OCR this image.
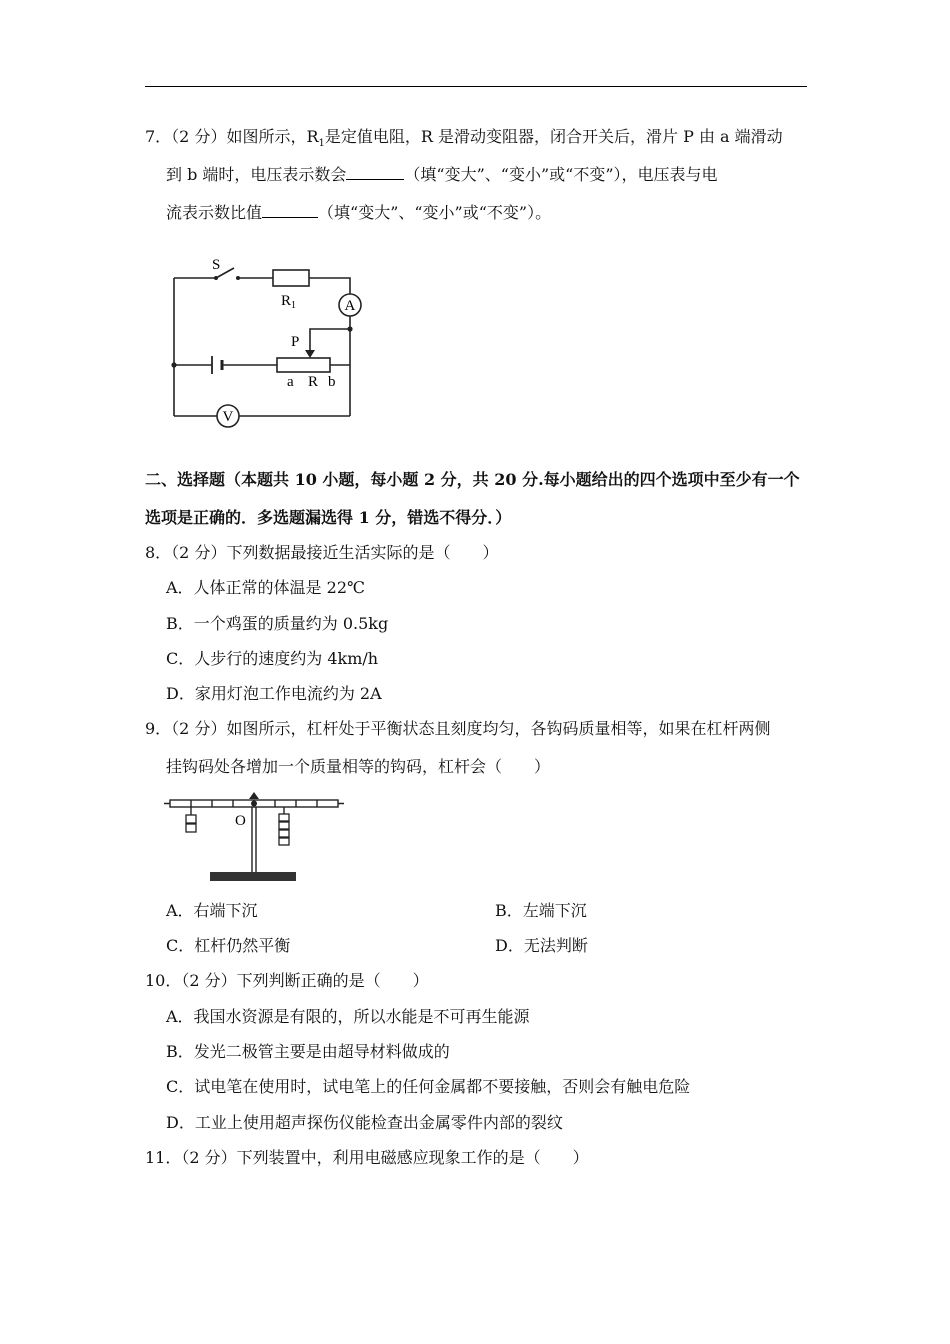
7．（2 分）如图所示，$R_1$是定值电阻，R 是滑动变阻器，闭合开关后，滑片 P 由 a 端滑动
到 b 端时，电压表示数会	（填“变大”、“变小”或“不变”），电压表与电
流表示数比值	（填“变大”、“变小”或“不变”）。
S
$R_1$	A
V
P
a R b
二、选择题（本题共 10 小题，每小题 2 分，共 20 分.每小题给出的四个选项中至少有一个
选项是正确的．多选题漏选得 1 分，错选不得分．）
8．（2 分）下列数据最接近生活实际的是（　　）
A．人体正常的体温是 22℃
B．一个鸡蛋的质量约为 0.5kg
C．人步行的速度约为 4km/h
D．家用灯泡工作电流约为 2A
9．（2 分）如图所示，杠杆处于平衡状态且刻度均匀，各钩码质量相等，如果在杠杆两侧
挂钩码处各增加一个质量相等的钩码，杠杆会（　　）
O
A．右端下沉	B．左端下沉
C．杠杆仍然平衡	D．无法判断
10．（2 分）下列判断正确的是（　　）
A．我国水资源是有限的，所以水能是不可再生能源
B．发光二极管主要是由超导材料做成的
C．试电笔在使用时，试电笔上的任何金属都不要接触，否则会有触电危险
D．工业上使用超声探伤仪能检查出金属零件内部的裂纹
11．（2 分）下列装置中，利用电磁感应现象工作的是（　　）
